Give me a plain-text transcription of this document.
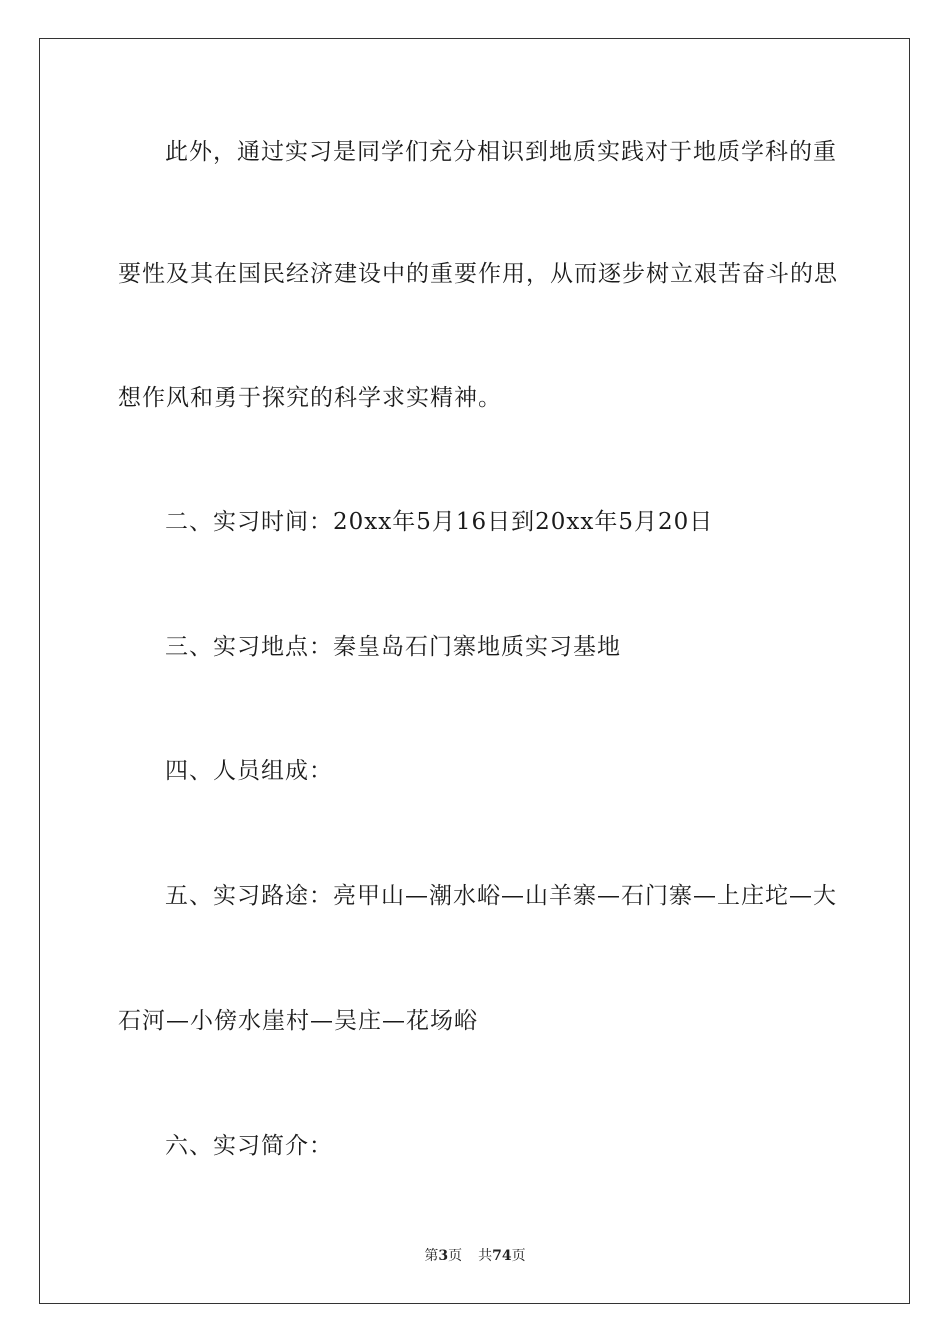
此外，通过实习是同学们充分相识到地质实践对于地质学科的重
要性及其在国民经济建设中的重要作用，从而逐步树立艰苦奋斗的思
想作风和勇于探究的科学求实精神。
二、实习时间：20xx年5月16日到20xx年5月20日
三、实习地点：秦皇岛石门寨地质实习基地
四、人员组成：
五、实习路途：亮甲山—潮水峪—山羊寨—石门寨—上庄坨—大
石河—小傍水崖村—吴庄—花场峪
六、实习简介：
第3页 共74页
